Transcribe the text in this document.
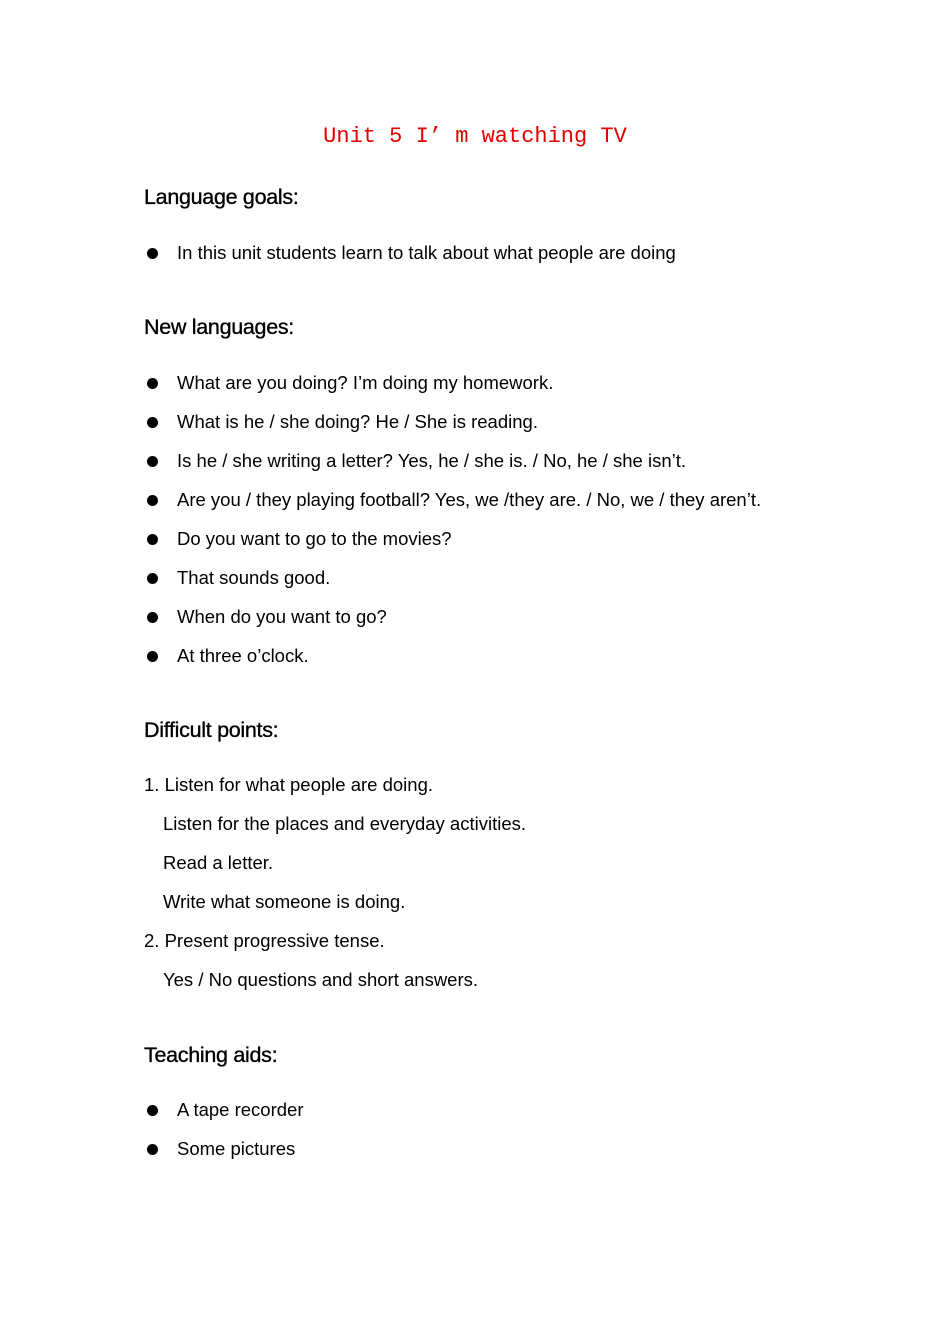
Unit 5 I’ m watching TV
Language goals:
In this unit students learn to talk about what people are doing
New languages:
What are you doing? I’m doing my homework.
What is he / she doing? He / She is reading.
Is he / she writing a letter? Yes, he / she is. / No, he / she isn’t.
Are you / they playing football? Yes, we /they are. / No, we / they aren’t.
Do you want to go to the movies?
That sounds good.
When do you want to go?
At three o’clock.
Difficult points:
1. Listen for what people are doing.
Listen for the places and everyday activities.
Read a letter.
Write what someone is doing.
2. Present progressive tense.
Yes / No questions and short answers.
Teaching aids:
A tape recorder
Some pictures
